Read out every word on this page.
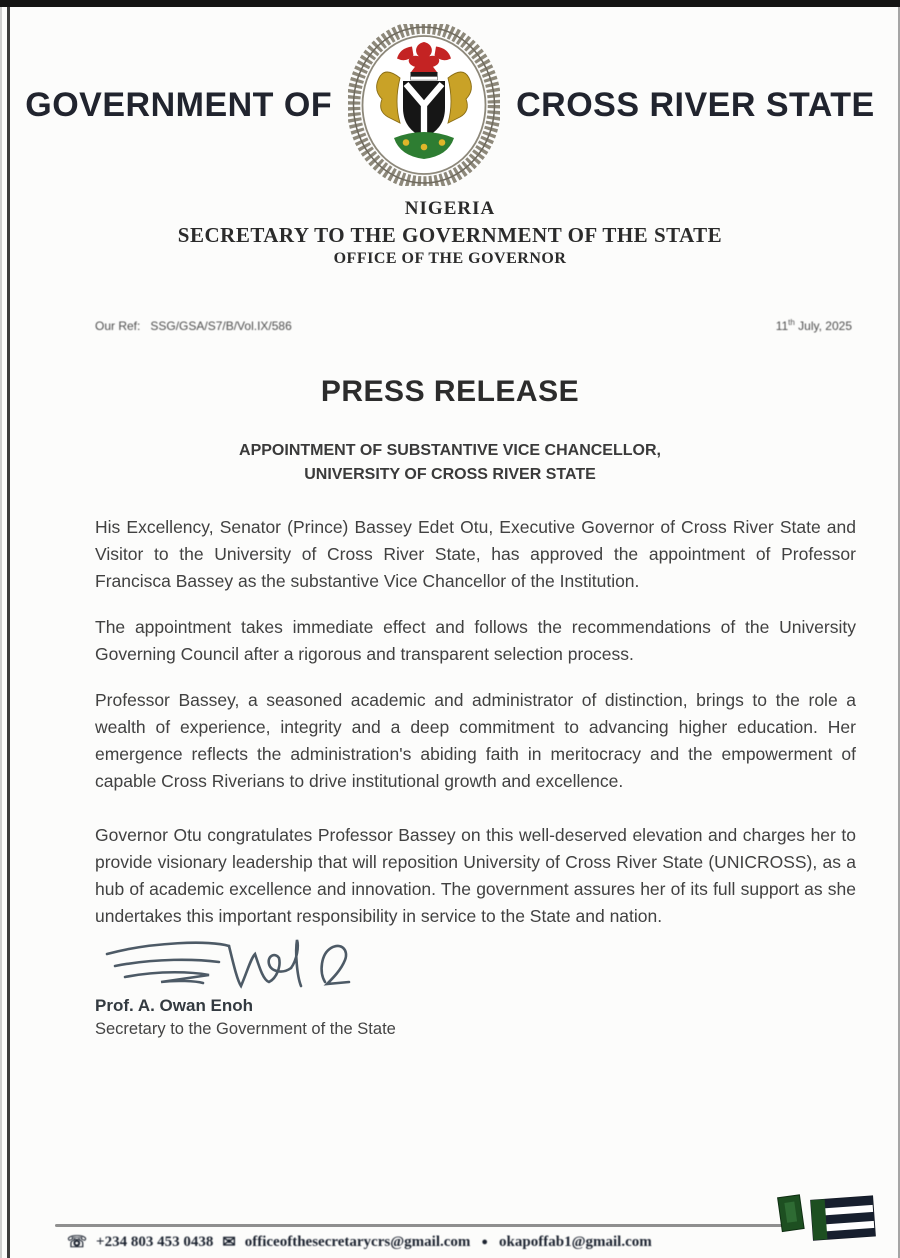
GOVERNMENT OF	CROSS RIVER STATE
NIGERIA
SECRETARY TO THE GOVERNMENT OF THE STATE
OFFICE OF THE GOVERNOR
Our Ref: SSG/GSA/S7/B/Vol.IX/586	11th July, 2025
PRESS RELEASE
APPOINTMENT OF SUBSTANTIVE VICE CHANCELLOR,
UNIVERSITY OF CROSS RIVER STATE

His Excellency, Senator (Prince) Bassey Edet Otu, Executive Governor of Cross River State and Visitor to the University of Cross River State, has approved the appointment of Professor Francisca Bassey as the substantive Vice Chancellor of the Institution.

The appointment takes immediate effect and follows the recommendations of the University Governing Council after a rigorous and transparent selection process.

Professor Bassey, a seasoned academic and administrator of distinction, brings to the role a wealth of experience, integrity and a deep commitment to advancing higher education. Her emergence reflects the administration's abiding faith in meritocracy and the empowerment of capable Cross Riverians to drive institutional growth and excellence.

Governor Otu congratulates Professor Bassey on this well-deserved elevation and charges her to provide visionary leadership that will reposition University of Cross River State (UNICROSS), as a hub of academic excellence and innovation. The government assures her of its full support as she undertakes this important responsibility in service to the State and nation.

Prof. A. Owan Enoh
Secretary to the Government of the State
☏ +234 803 453 0438 ✉ officeofthesecretarycrs@gmail.com ● okapoffab1@gmail.com
